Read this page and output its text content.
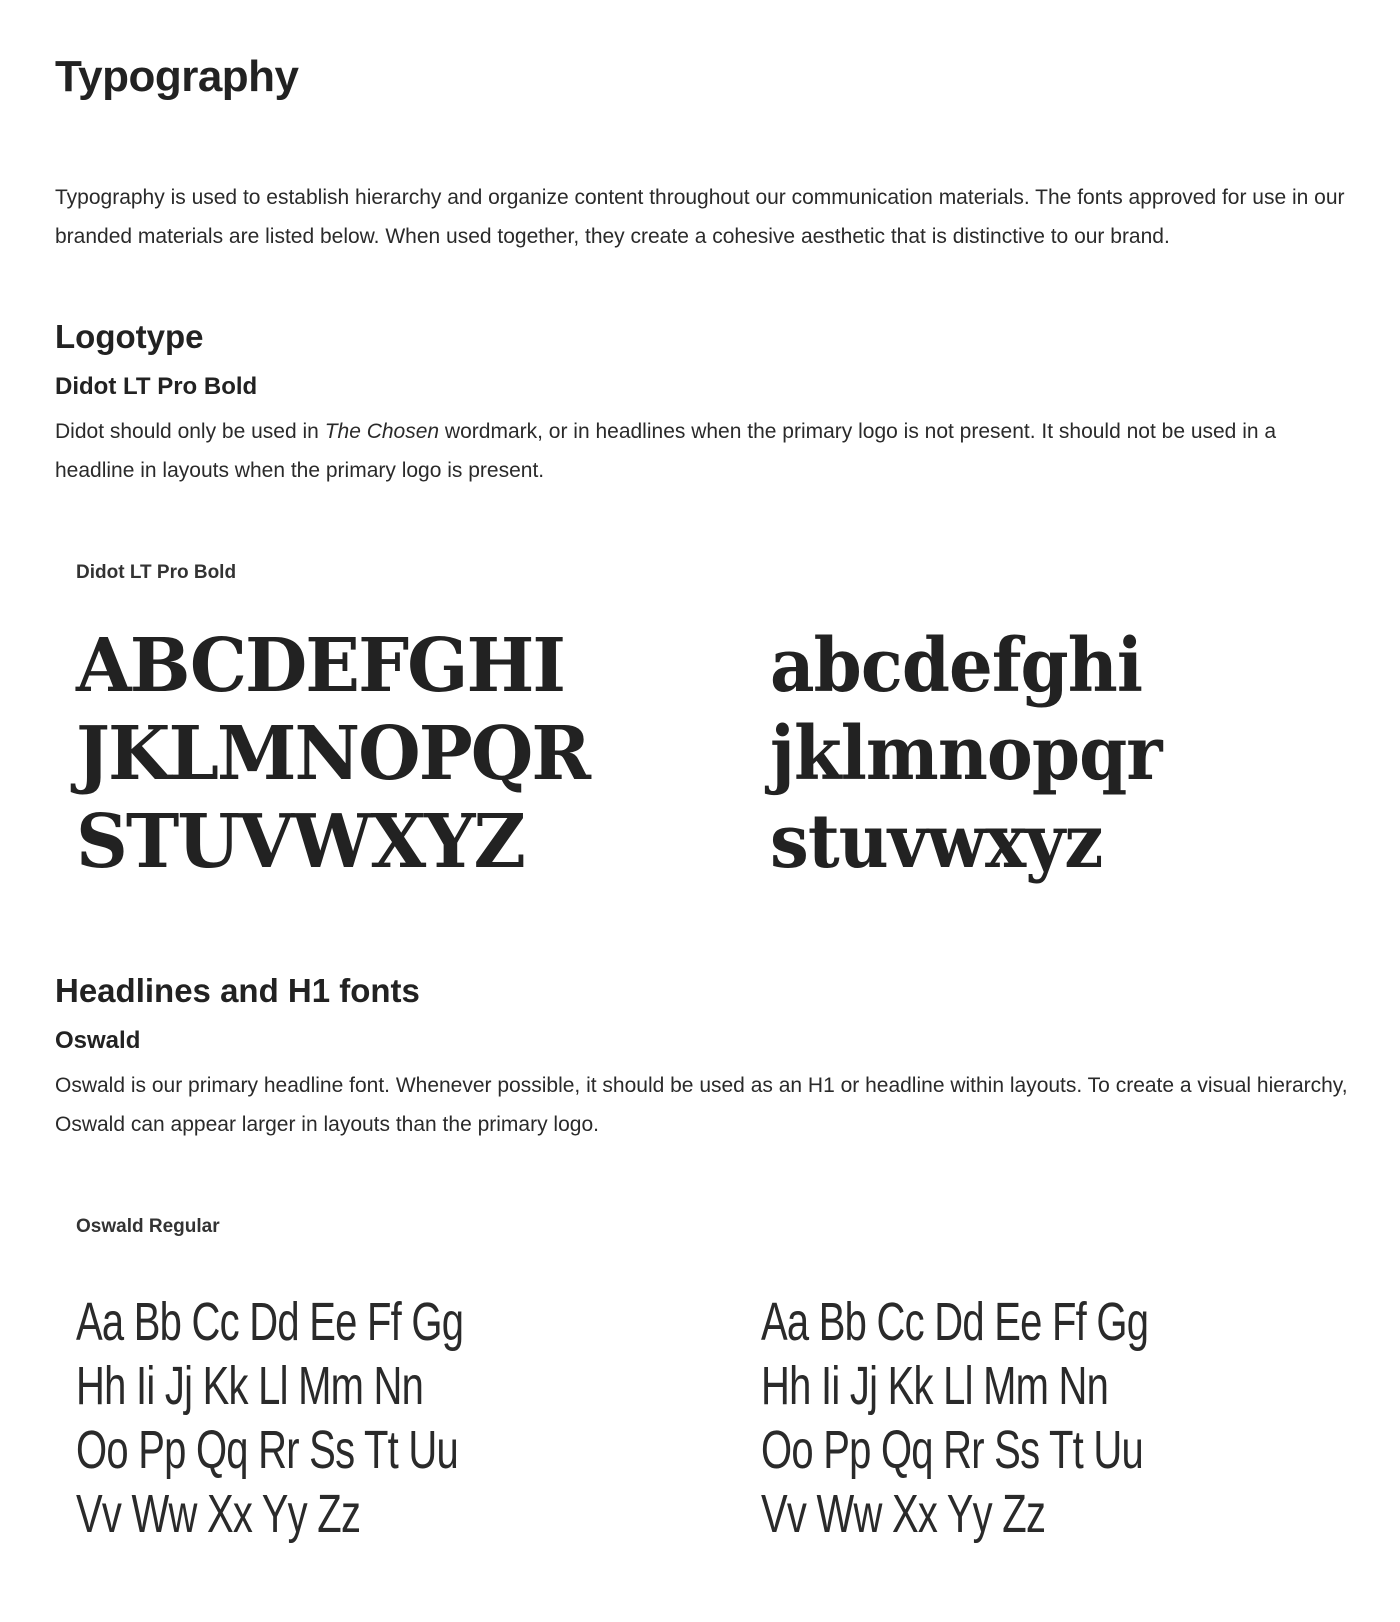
Typography

Typography is used to establish hierarchy and organize content throughout our communication materials. The fonts approved for use in our branded materials are listed below. When used together, they create a cohesive aesthetic that is distinctive to our brand.

Logotype
Didot LT Pro Bold

Didot should only be used in The Chosen wordmark, or in headlines when the primary logo is not present. It should not be used in a headline in layouts when the primary logo is present.

Headlines and H1 fonts
Oswald

Oswald is our primary headline font. Whenever possible, it should be used as an H1 or headline within layouts. To create a visual hierarchy, Oswald can appear larger in layouts than the primary logo.

Didot LT Pro Bold

ABCDEFGHI
JKLMNOPQR
STUVWXYZ
abcdefghi
jklmnopqr
stuvwxyz

Oswald Regular

Aa Bb Cc Dd Ee Ff Gg
Hh Ii Jj Kk Ll Mm Nn
Oo Pp Qq Rr Ss Tt Uu
Vv Ww Xx Yy Zz
Aa Bb Cc Dd Ee Ff Gg
Hh Ii Jj Kk Ll Mm Nn
Oo Pp Qq Rr Ss Tt Uu
Vv Ww Xx Yy Zz
